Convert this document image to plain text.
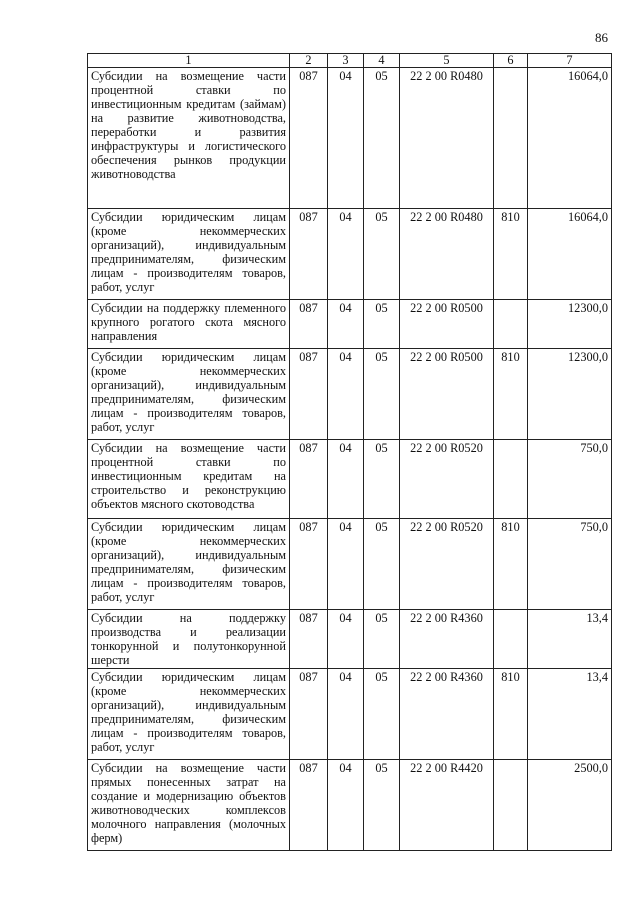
86
1	2	3	4	5	6	7
Субсидии на возмещение части процентной ставки по инвестиционным кредитам (займам) на развитие животноводства, переработки и развития инфраструктуры и логистического обеспечения рынков продукции животноводства	087	04	05	22 2 00 R0480		16064,0
Субсидии юридическим лицам (кроме некоммерческих организаций), индивидуальным предпринимателям, физическим лицам - производителям товаров, работ, услуг	087	04	05	22 2 00 R0480	810	16064,0
Субсидии на поддержку племенного крупного рогатого скота мясного направления	087	04	05	22 2 00 R0500		12300,0
Субсидии юридическим лицам (кроме некоммерческих организаций), индивидуальным предпринимателям, физическим лицам - производителям товаров, работ, услуг	087	04	05	22 2 00 R0500	810	12300,0
Субсидии на возмещение части процентной ставки по инвестиционным кредитам на строительство и реконструкцию объектов мясного скотоводства	087	04	05	22 2 00 R0520		750,0
Субсидии юридическим лицам (кроме некоммерческих организаций), индивидуальным предпринимателям, физическим лицам - производителям товаров, работ, услуг	087	04	05	22 2 00 R0520	810	750,0
Субсидии на поддержку производства и реализации тонкорунной и полутонкорунной шерсти	087	04	05	22 2 00 R4360		13,4
Субсидии юридическим лицам (кроме некоммерческих организаций), индивидуальным предпринимателям, физическим лицам - производителям товаров, работ, услуг	087	04	05	22 2 00 R4360	810	13,4
Субсидии на возмещение части прямых понесенных затрат на создание и модернизацию объектов животноводческих комплексов молочного направления (молочных ферм)	087	04	05	22 2 00 R4420		2500,0
